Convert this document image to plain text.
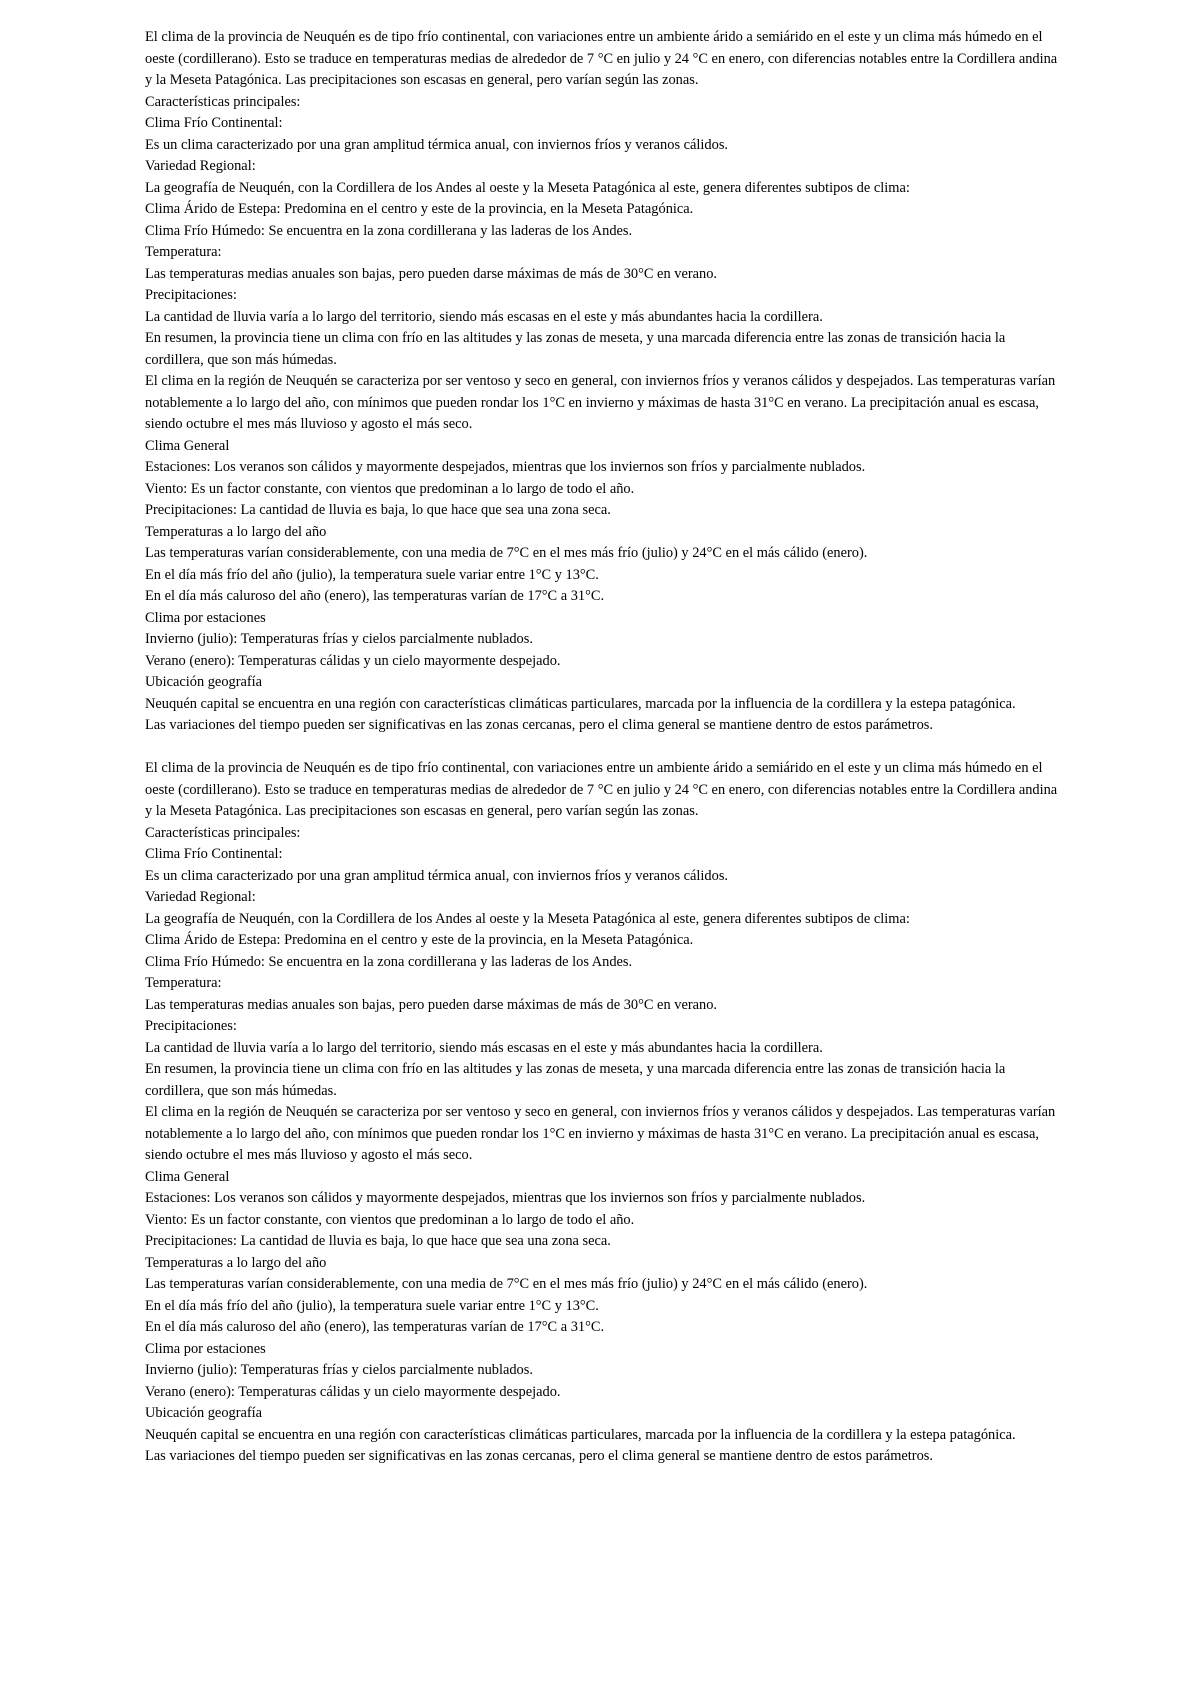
El clima de la provincia de Neuquén es de tipo frío continental, con variaciones entre un ambiente árido a semiárido en el este y un clima más húmedo en el oeste (cordillerano). Esto se traduce en temperaturas medias de alrededor de 7 °C en julio y 24 °C en enero, con diferencias notables entre la Cordillera andina y la Meseta Patagónica. Las precipitaciones son escasas en general, pero varían según las zonas.

Características principales:

Clima Frío Continental:

Es un clima caracterizado por una gran amplitud térmica anual, con inviernos fríos y veranos cálidos.

Variedad Regional:

La geografía de Neuquén, con la Cordillera de los Andes al oeste y la Meseta Patagónica al este, genera diferentes subtipos de clima:

Clima Árido de Estepa: Predomina en el centro y este de la provincia, en la Meseta Patagónica.

Clima Frío Húmedo: Se encuentra en la zona cordillerana y las laderas de los Andes.

Temperatura:

Las temperaturas medias anuales son bajas, pero pueden darse máximas de más de 30°C en verano.

Precipitaciones:

La cantidad de lluvia varía a lo largo del territorio, siendo más escasas en el este y más abundantes hacia la cordillera.

En resumen, la provincia tiene un clima con frío en las altitudes y las zonas de meseta, y una marcada diferencia entre las zonas de transición hacia la cordillera, que son más húmedas.

El clima en la región de Neuquén se caracteriza por ser ventoso y seco en general, con inviernos fríos y veranos cálidos y despejados. Las temperaturas varían notablemente a lo largo del año, con mínimos que pueden rondar los 1°C en invierno y máximas de hasta 31°C en verano. La precipitación anual es escasa, siendo octubre el mes más lluvioso y agosto el más seco.

Clima General

Estaciones: Los veranos son cálidos y mayormente despejados, mientras que los inviernos son fríos y parcialmente nublados.

Viento: Es un factor constante, con vientos que predominan a lo largo de todo el año.

Precipitaciones: La cantidad de lluvia es baja, lo que hace que sea una zona seca.

Temperaturas a lo largo del año

Las temperaturas varían considerablemente, con una media de 7°C en el mes más frío (julio) y 24°C en el más cálido (enero).

En el día más frío del año (julio), la temperatura suele variar entre 1°C y 13°C.

En el día más caluroso del año (enero), las temperaturas varían de 17°C a 31°C.

Clima por estaciones

Invierno (julio): Temperaturas frías y cielos parcialmente nublados.

Verano (enero): Temperaturas cálidas y un cielo mayormente despejado.

Ubicación geografía

Neuquén capital se encuentra en una región con características climáticas particulares, marcada por la influencia de la cordillera y la estepa patagónica.

Las variaciones del tiempo pueden ser significativas en las zonas cercanas, pero el clima general se mantiene dentro de estos parámetros.

El clima de la provincia de Neuquén es de tipo frío continental, con variaciones entre un ambiente árido a semiárido en el este y un clima más húmedo en el oeste (cordillerano). Esto se traduce en temperaturas medias de alrededor de 7 °C en julio y 24 °C en enero, con diferencias notables entre la Cordillera andina y la Meseta Patagónica. Las precipitaciones son escasas en general, pero varían según las zonas.

Características principales:

Clima Frío Continental:

Es un clima caracterizado por una gran amplitud térmica anual, con inviernos fríos y veranos cálidos.

Variedad Regional:

La geografía de Neuquén, con la Cordillera de los Andes al oeste y la Meseta Patagónica al este, genera diferentes subtipos de clima:

Clima Árido de Estepa: Predomina en el centro y este de la provincia, en la Meseta Patagónica.

Clima Frío Húmedo: Se encuentra en la zona cordillerana y las laderas de los Andes.

Temperatura:

Las temperaturas medias anuales son bajas, pero pueden darse máximas de más de 30°C en verano.

Precipitaciones:

La cantidad de lluvia varía a lo largo del territorio, siendo más escasas en el este y más abundantes hacia la cordillera.

En resumen, la provincia tiene un clima con frío en las altitudes y las zonas de meseta, y una marcada diferencia entre las zonas de transición hacia la cordillera, que son más húmedas.

El clima en la región de Neuquén se caracteriza por ser ventoso y seco en general, con inviernos fríos y veranos cálidos y despejados. Las temperaturas varían notablemente a lo largo del año, con mínimos que pueden rondar los 1°C en invierno y máximas de hasta 31°C en verano. La precipitación anual es escasa, siendo octubre el mes más lluvioso y agosto el más seco.

Clima General

Estaciones: Los veranos son cálidos y mayormente despejados, mientras que los inviernos son fríos y parcialmente nublados.

Viento: Es un factor constante, con vientos que predominan a lo largo de todo el año.

Precipitaciones: La cantidad de lluvia es baja, lo que hace que sea una zona seca.

Temperaturas a lo largo del año

Las temperaturas varían considerablemente, con una media de 7°C en el mes más frío (julio) y 24°C en el más cálido (enero).

En el día más frío del año (julio), la temperatura suele variar entre 1°C y 13°C.

En el día más caluroso del año (enero), las temperaturas varían de 17°C a 31°C.

Clima por estaciones

Invierno (julio): Temperaturas frías y cielos parcialmente nublados.

Verano (enero): Temperaturas cálidas y un cielo mayormente despejado.

Ubicación geografía

Neuquén capital se encuentra en una región con características climáticas particulares, marcada por la influencia de la cordillera y la estepa patagónica.

Las variaciones del tiempo pueden ser significativas en las zonas cercanas, pero el clima general se mantiene dentro de estos parámetros.
